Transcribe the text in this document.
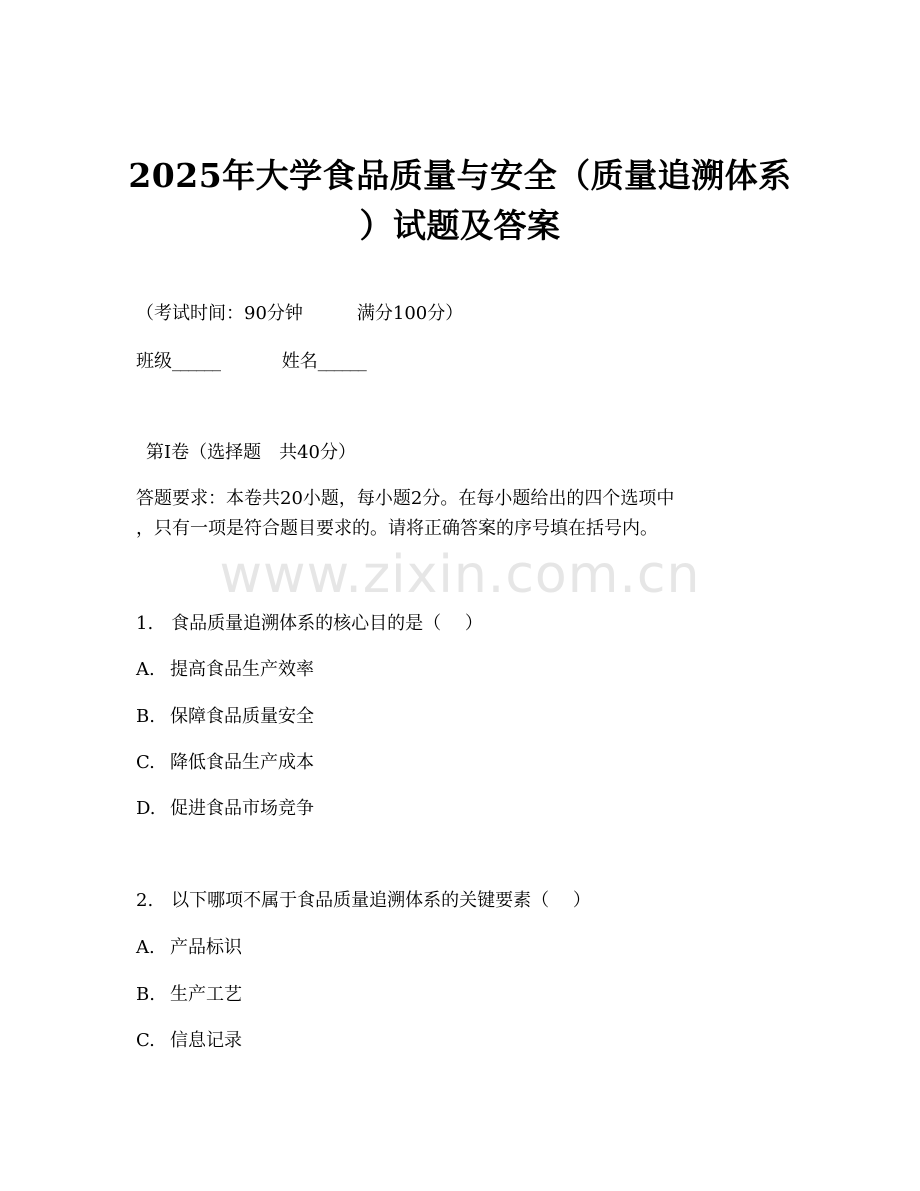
2025年大学食品质量与安全（质量追溯体系
）试题及答案
（考试时间：90分钟　　　满分100分）
班级______	姓名______
第I卷（选择题　共40分）
答题要求：本卷共20小题，每小题2分。在每小题给出的四个选项中
，只有一项是符合题目要求的。请将正确答案的序号填在括号内。
www.zixin.com.cn
1.　食品质量追溯体系的核心目的是（　 ）
A. 提高食品生产效率
B. 保障食品质量安全
C. 降低食品生产成本
D. 促进食品市场竞争
2.　以下哪项不属于食品质量追溯体系的关键要素（　 ）
A. 产品标识
B. 生产工艺
C. 信息记录
